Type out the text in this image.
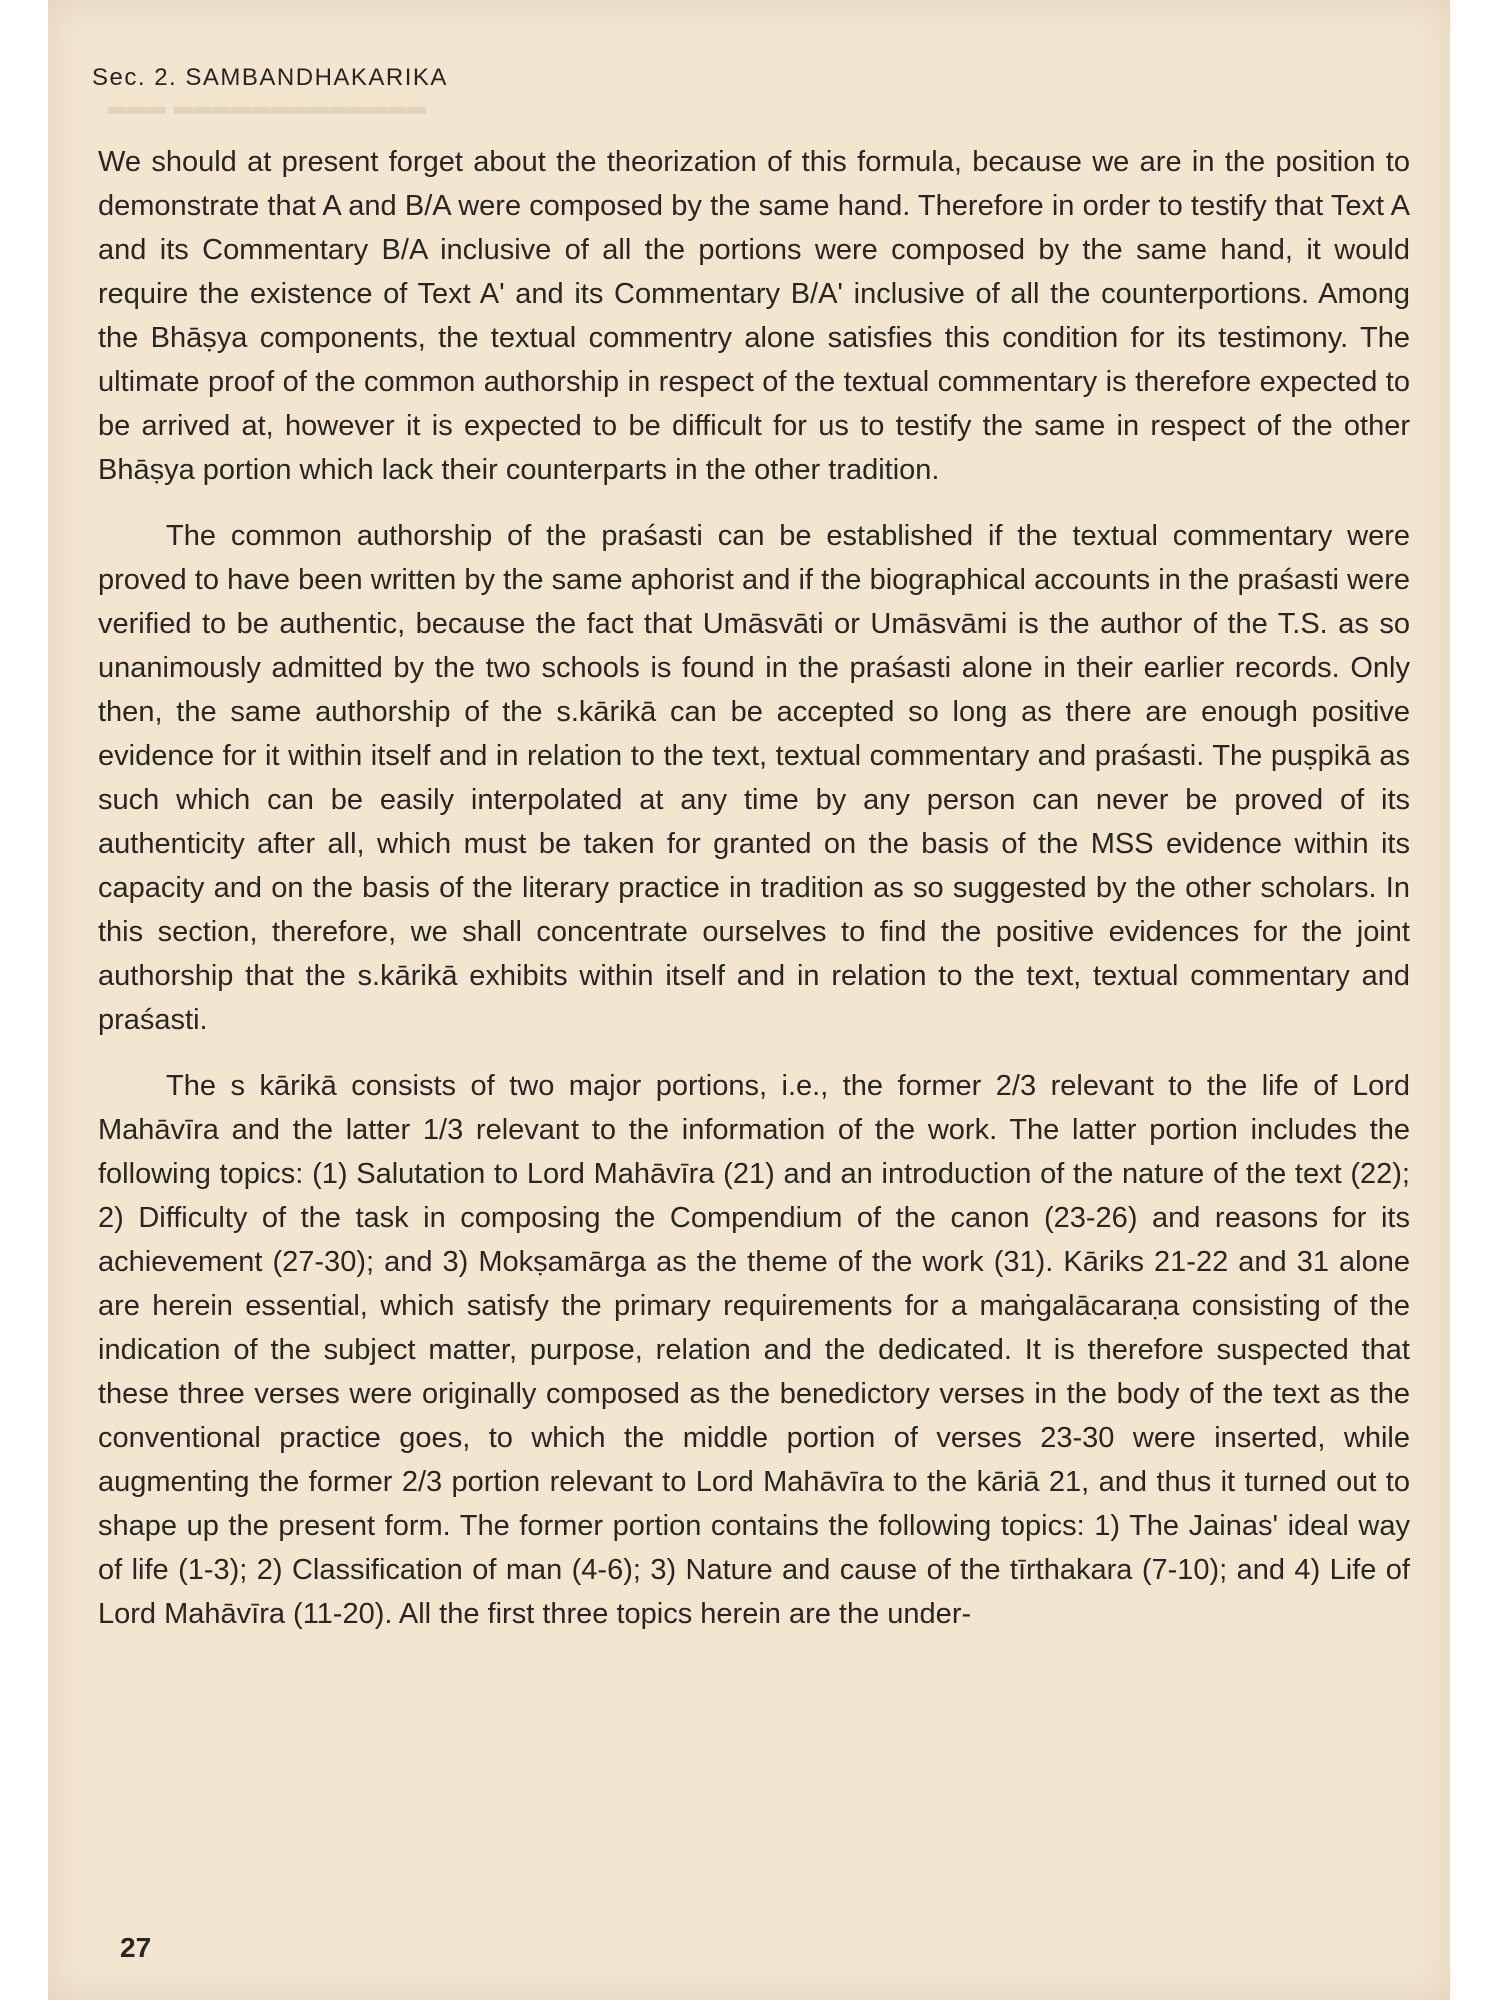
▂▂▂ ▂▂▂▂▂▂▂▂▂▂▂▂▂
Sec. 2. SAMBANDHAKARIKA

We should at present forget about the theorization of this formula, because we are in the position to demonstrate that A and B/A were composed by the same hand. Therefore in order to testify that Text A and its Commentary B/A inclusive of all the portions were composed by the same hand, it would require the existence of Text A' and its Commentary B/A' inclusive of all the counterportions. Among the Bhāṣya components, the textual commentry alone satisfies this condition for its testimony. The ultimate proof of the common authorship in respect of the textual commentary is therefore expected to be arrived at, however it is expected to be difficult for us to testify the same in respect of the other Bhāṣya portion which lack their counterparts in the other tradition.

The common authorship of the praśasti can be established if the textual commentary were proved to have been written by the same aphorist and if the biographical accounts in the praśasti were verified to be authentic, because the fact that Umāsvāti or Umāsvāmi is the author of the T.S. as so unanimously admitted by the two schools is found in the praśasti alone in their earlier records. Only then, the same authorship of the s.kārikā can be accepted so long as there are enough positive evidence for it within itself and in relation to the text, textual commentary and praśasti. The puṣpikā as such which can be easily interpolated at any time by any person can never be proved of its authenticity after all, which must be taken for granted on the basis of the MSS evidence within its capacity and on the basis of the literary practice in tradition as so suggested by the other scholars. In this section, therefore, we shall concentrate ourselves to find the positive evidences for the joint authorship that the s.kārikā exhibits within itself and in relation to the text, textual commentary and praśasti.

The s kārikā consists of two major portions, i.e., the former 2/3 relevant to the life of Lord Mahāvīra and the latter 1/3 relevant to the information of the work. The latter portion includes the following topics: (1) Salutation to Lord Mahāvīra (21) and an introduction of the nature of the text (22); 2) Difficulty of the task in composing the Compendium of the canon (23-26) and reasons for its achievement (27-30); and 3) Mokṣamārga as the theme of the work (31). Kāriks 21-22 and 31 alone are herein essential, which satisfy the primary requirements for a maṅgalācaraṇa consisting of the indication of the subject matter, purpose, relation and the dedicated. It is therefore suspected that these three verses were originally composed as the benedictory verses in the body of the text as the conventional practice goes, to which the middle portion of verses 23-30 were inserted, while augmenting the former 2/3 portion relevant to Lord Mahāvīra to the kāriā 21, and thus it turned out to shape up the present form. The former portion contains the following topics: 1) The Jainas' ideal way of life (1-3); 2) Classification of man (4-6); 3) Nature and cause of the tīrthakara (7-10); and 4) Life of Lord Mahāvīra (11-20). All the first three topics herein are the under-

27
